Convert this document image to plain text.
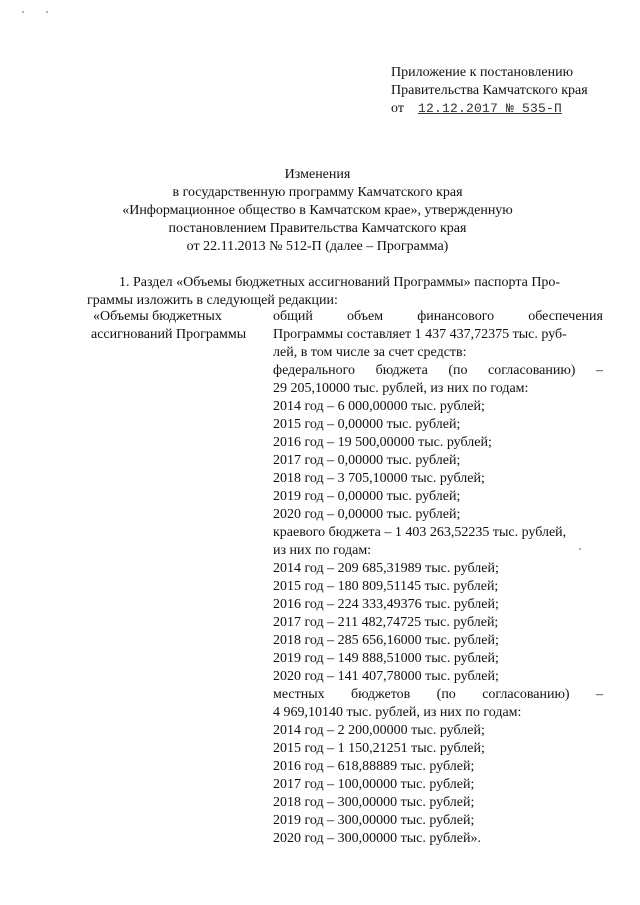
Приложение к постановлению
Правительства Камчатского края
от 12.12.2017 № 535-П
Изменения
в государственную программу Камчатского края
«Информационное общество в Камчатском крае», утвержденную
постановлением Правительства Камчатского края
от 22.11.2013 № 512-П (далее – Программа)
1. Раздел «Объемы бюджетных ассигнований Программы» паспорта Про-
граммы изложить в следующей редакции:
«Объемы бюджетных
ассигнований Программы
общий объем финансового обеспечения
Программы составляет 1 437 437,72375 тыс. руб-
лей, в том числе за счет средств:
федерального бюджета (по согласованию) –
29 205,10000 тыс. рублей, из них по годам:
2014 год – 6 000,00000 тыс. рублей;
2015 год – 0,00000 тыс. рублей;
2016 год – 19 500,00000 тыс. рублей;
2017 год – 0,00000 тыс. рублей;
2018 год – 3 705,10000 тыс. рублей;
2019 год – 0,00000 тыс. рублей;
2020 год – 0,00000 тыс. рублей;
краевого бюджета – 1 403 263,52235 тыс. рублей,
из них по годам:
2014 год – 209 685,31989 тыс. рублей;
2015 год – 180 809,51145 тыс. рублей;
2016 год – 224 333,49376 тыс. рублей;
2017 год – 211 482,74725 тыс. рублей;
2018 год – 285 656,16000 тыс. рублей;
2019 год – 149 888,51000 тыс. рублей;
2020 год – 141 407,78000 тыс. рублей;
местных бюджетов (по согласованию) –
4 969,10140 тыс. рублей, из них по годам:
2014 год – 2 200,00000 тыс. рублей;
2015 год – 1 150,21251 тыс. рублей;
2016 год – 618,88889 тыс. рублей;
2017 год – 100,00000 тыс. рублей;
2018 год – 300,00000 тыс. рублей;
2019 год – 300,00000 тыс. рублей;
2020 год – 300,00000 тыс. рублей».
